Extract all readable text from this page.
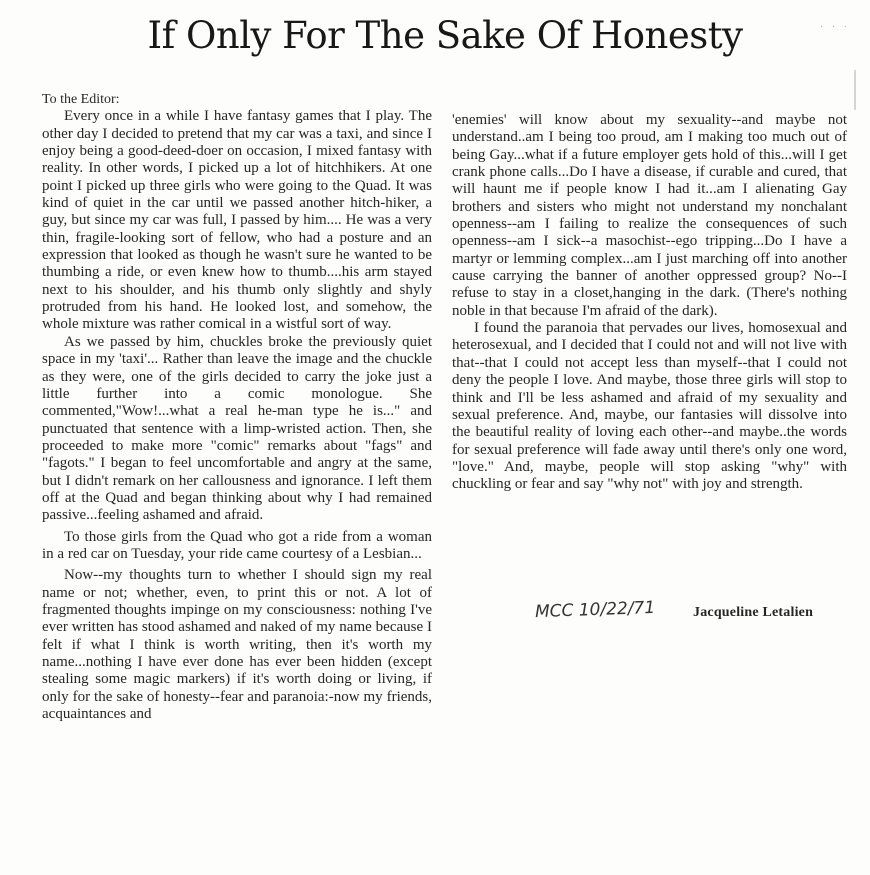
If Only For The Sake Of Honesty	· · ·

To the Editor:

Every once in a while I have fantasy games that I play. The other day I decided to pretend that my car was a taxi, and since I enjoy being a good-deed-doer on occasion, I mixed fantasy with reality. In other words, I picked up a lot of hitchhikers. At one point I picked up three girls who were going to the Quad. It was kind of quiet in the car until we passed another hitch-hiker, a guy, but since my car was full, I passed by him.... He was a very thin, fragile-looking sort of fellow, who had a posture and an expression that looked as though he wasn't sure he wanted to be thumbing a ride, or even knew how to thumb....his arm stayed next to his shoulder, and his thumb only slightly and shyly protruded from his hand. He looked lost, and somehow, the whole mixture was rather comical in a wistful sort of way.

As we passed by him, chuckles broke the previously quiet space in my 'taxi'... Rather than leave the image and the chuckle as they were, one of the girls decided to carry the joke just a little further into a comic monologue. She commented,"Wow!...what a real he-man type he is..." and punctuated that sentence with a limp-wristed action. Then, she proceeded to make more "comic" remarks about "fags" and "fagots." I began to feel uncomfortable and angry at the same, but I didn't remark on her callousness and ignorance. I left them off at the Quad and began thinking about why I had remained passive...feeling ashamed and afraid.

To those girls from the Quad who got a ride from a woman in a red car on Tuesday, your ride came courtesy of a Lesbian...

Now--my thoughts turn to whether I should sign my real name or not; whether, even, to print this or not. A lot of fragmented thoughts impinge on my consciousness: nothing I've ever written has stood ashamed and naked of my name because I felt if what I think is worth writing, then it's worth my name...nothing I have ever done has ever been hidden (except stealing some magic markers) if it's worth doing or living, if only for the sake of honesty--fear and paranoia:-now my friends, acquaintances and

'enemies' will know about my sexuality--and maybe not understand..am I being too proud, am I making too much out of being Gay...what if a future employer gets hold of this...will I get crank phone calls...Do I have a disease, if curable and cured, that will haunt me if people know I had it...am I alienating Gay brothers and sisters who might not understand my nonchalant openness--am I failing to realize the consequences of such openness--am I sick--a masochist--ego tripping...Do I have a martyr or lemming complex...am I just marching off into another cause carrying the banner of another oppressed group? No--I refuse to stay in a closet,hanging in the dark. (There's nothing noble in that because I'm afraid of the dark).

I found the paranoia that pervades our lives, homosexual and heterosexual, and I decided that I could not and will not live with that--that I could not accept less than myself--that I could not deny the people I love. And maybe, those three girls will stop to think and I'll be less ashamed and afraid of my sexuality and sexual preference. And, maybe, our fantasies will dissolve into the beautiful reality of loving each other--and maybe..the words for sexual preference will fade away until there's only one word, "love." And, maybe, people will stop asking "why" with chuckling or fear and say "why not" with joy and strength.

MCC 10/22/71	Jacqueline Letalien
